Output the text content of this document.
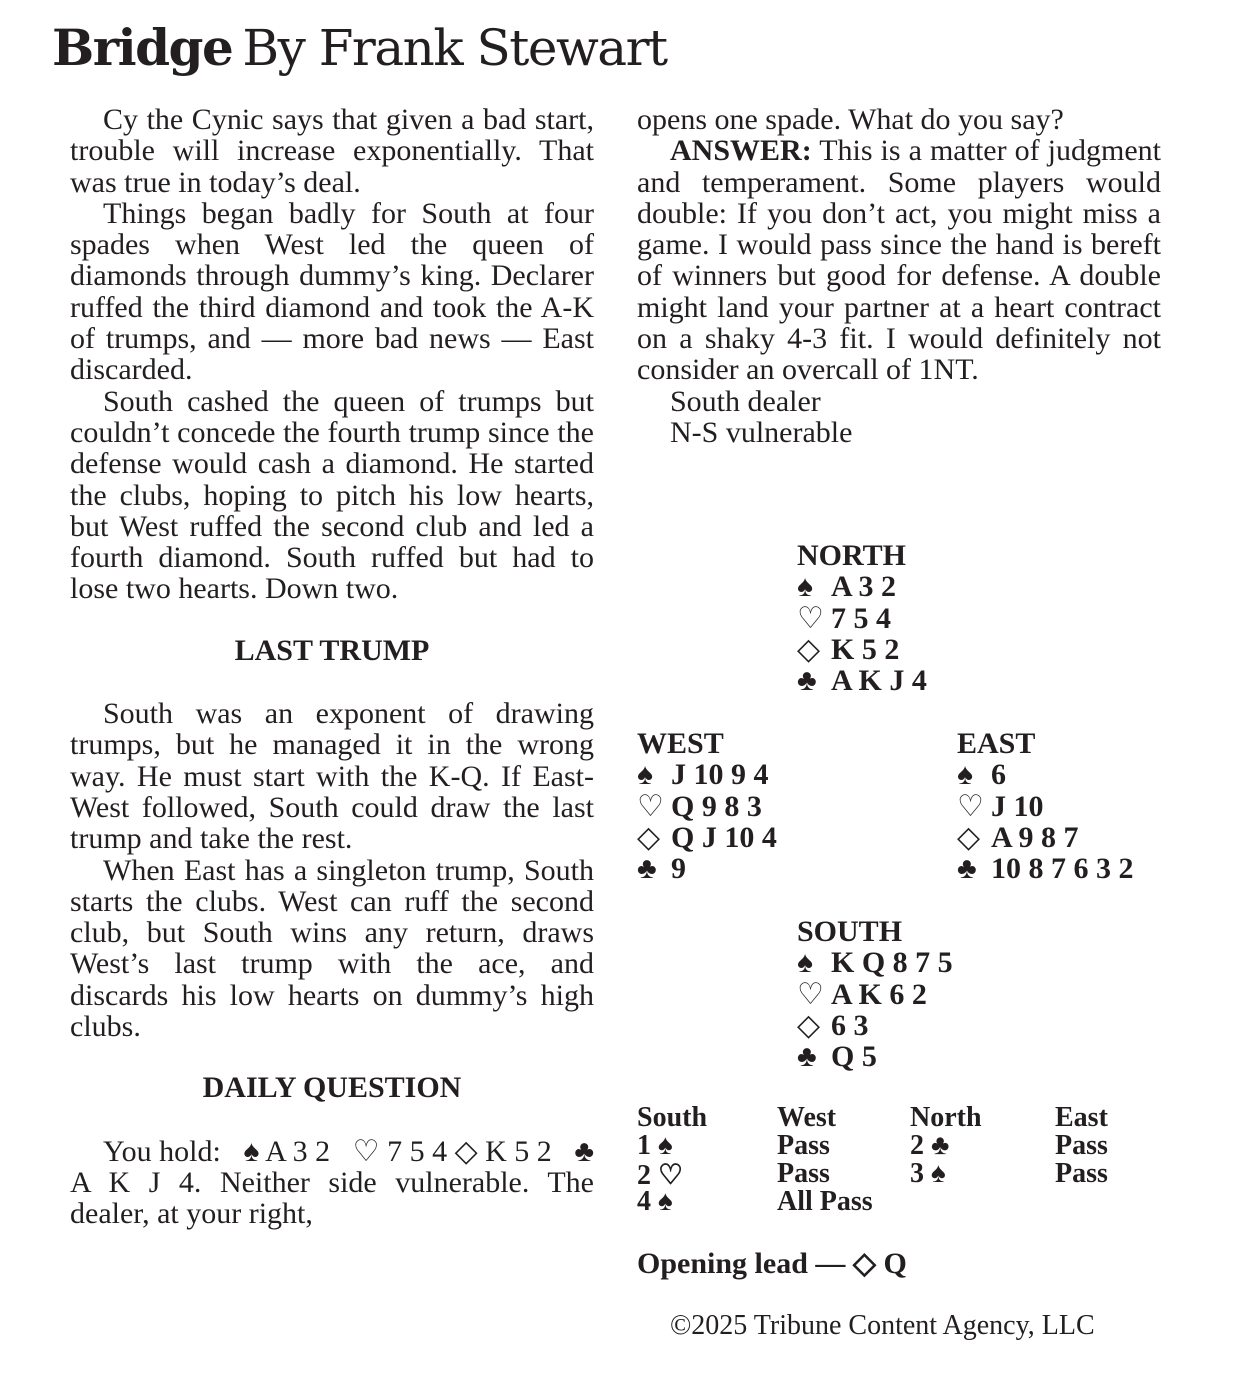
Bridge By Frank Stewart

Cy the Cynic says that given a bad start, trouble will increase exponentially. That was true in today’s deal.

Things began badly for South at four spades when West led the queen of diamonds through dummy’s king. Declarer ruffed the third diamond and took the A-K of trumps, and — more bad news — East discarded.

South cashed the queen of trumps but couldn’t concede the fourth trump since the defense would cash a diamond. He started the clubs, hoping to pitch his low hearts, but West ruffed the second club and led a fourth diamond. South ruffed but had to lose two hearts. Down two.

LAST TRUMP

South was an exponent of drawing trumps, but he managed it in the wrong way. He must start with the K-Q. If East-West followed, South could draw the last trump and take the rest.

When East has a singleton trump, South starts the clubs. West can ruff the second club, but South wins any return, draws West’s last trump with the ace, and discards his low hearts on dummy’s high clubs.

DAILY QUESTION

You hold: ♠ A 3 2 ♡ 7 5 4 ◇ K 5 2 ♣ A K J 4. Neither side vulnerable. The dealer, at your right,

opens one spade. What do you say?

ANSWER: This is a matter of judgment and temperament. Some players would double: If you don’t act, you might miss a game. I would pass since the hand is bereft of winners but good for defense. A double might land your partner at a heart contract on a shaky 4-3 fit. I would definitely not consider an overcall of 1NT.

South dealer
N-S vulnerable
NORTH
♠ A 3 2
♡ 7 5 4
◇ K 5 2
♣ A K J 4
WEST
♠ J 10 9 4
♡ Q 9 8 3
◇ Q J 10 4
♣ 9
EAST
♠ 6
♡ J 10
◇ A 9 8 7
♣ 10 8 7 6 3 2
SOUTH
♠ K Q 8 7 5
♡ A K 6 2
◇ 6 3
♣ Q 5
South West	North	East
1 ♠	Pass	2 ♣	Pass
2 ♡	Pass	3 ♠	Pass
4 ♠	All Pass
Opening lead — ◇ Q
©2025 Tribune Content Agency, LLC
